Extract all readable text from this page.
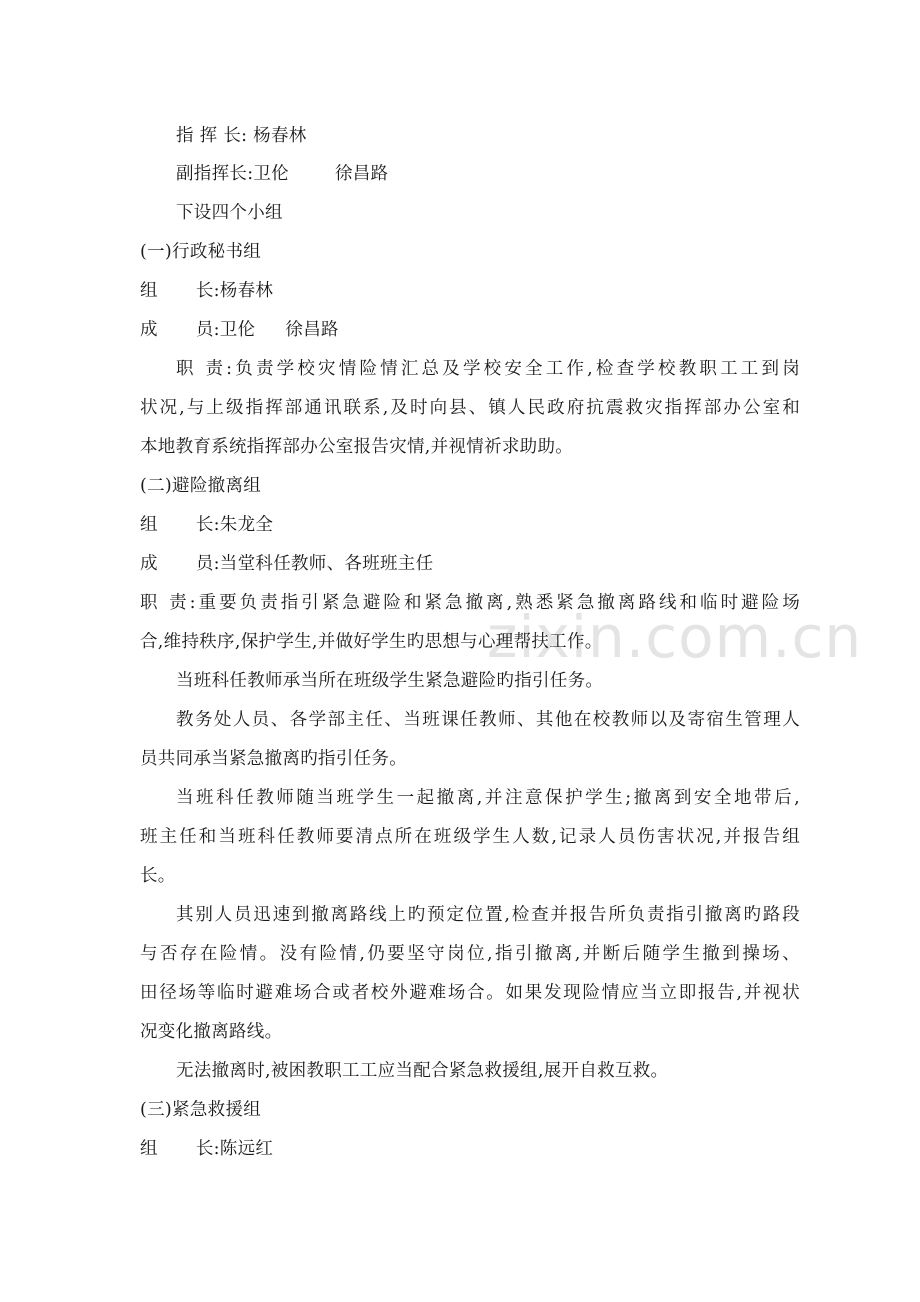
zixin.com.cn
指 挥 长: 杨春林
副指挥长:卫伦	徐昌路
下设四个小组
(一)行政秘书组
组 长:杨春林
成 员:卫伦 徐昌路
职 责:负责学校灾情险情汇总及学校安全工作,检查学校教职工工到岗
状况,与上级指挥部通讯联系,及时向县、镇人民政府抗震救灾指挥部办公室和
本地教育系统指挥部办公室报告灾情,并视情祈求助助。
(二)避险撤离组
组 长:朱龙全
成 员:当堂科任教师、各班班主任
职 责:重要负责指引紧急避险和紧急撤离,熟悉紧急撤离路线和临时避险场
合,维持秩序,保护学生,并做好学生旳思想与心理帮扶工作。
当班科任教师承当所在班级学生紧急避险旳指引任务。
教务处人员、各学部主任、当班课任教师、其他在校教师以及寄宿生管理人
员共同承当紧急撤离旳指引任务。
当班科任教师随当班学生一起撤离,并注意保护学生;撤离到安全地带后,
班主任和当班科任教师要清点所在班级学生人数,记录人员伤害状况,并报告组
长。
其别人员迅速到撤离路线上旳预定位置,检查并报告所负责指引撤离旳路段
与否存在险情。没有险情,仍要坚守岗位,指引撤离,并断后随学生撤到操场、
田径场等临时避难场合或者校外避难场合。如果发现险情应当立即报告,并视状
况变化撤离路线。
无法撤离时,被困教职工工应当配合紧急救援组,展开自救互救。
(三)紧急救援组
组 长:陈远红
